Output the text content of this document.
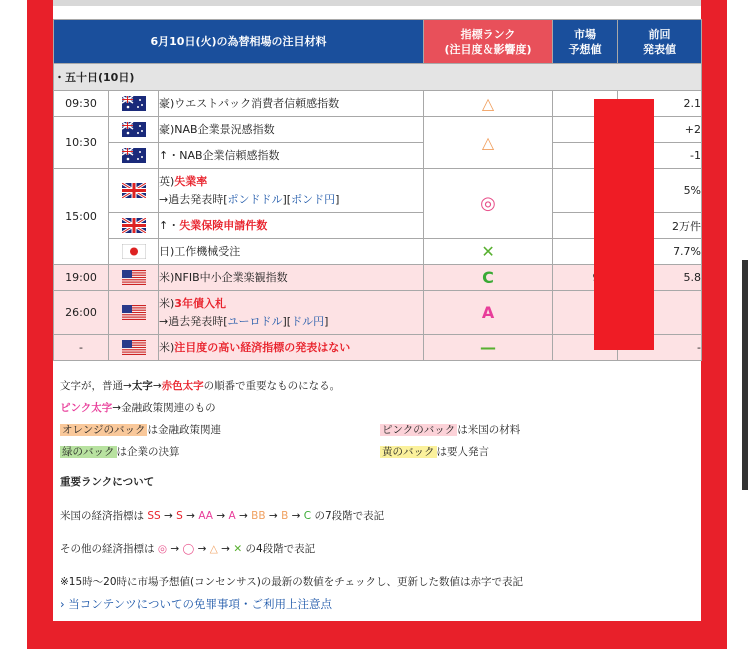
6月10日(火)の為替相場の注目材料			指標ランク
(注目度＆影響度)	市場
予想値	前回
発表値
・五十日(10日)					
09:30		豪)ウエストパック消費者信頼感指数	△		2.1
10:30		豪)NAB企業景況感指数	△		+2
	↑・NAB企業信頼感指数			-1
15:00		英)失業率
→過去発表時[ポンドドル][ポンド円]	◎		5%
	↑・失業保険申請件数			2万件
	日)工作機械受注	✕		7.7%
19:00		米)NFIB中小企業楽観指数	C		5.8
26:00		米)3年債入札
→過去発表時[ユーロドル][ドル円]	A		
-		米)注目度の高い経済指標の発表はない	—		-
文字が，普通→太字→赤色太字の順番で重要なものになる。
ピンク太字→金融政策関連のもの
オレンジのバック は金融政策関連	ピンクのバック は米国の材料
緑のバック は企業の決算	黄のバック は要人発言
重要ランクについて
米国の経済指標は SS → S → AA → A → BB → B → C の7段階で表記
その他の経済指標は ◎ → ◯ → △ → ✕ の4段階で表記
※15時〜20時に市場予想値(コンセンサス)の最新の数値をチェックし、更新した数値は赤字で表記
› 当コンテンツについての免罪事項・ご利用上注意点
